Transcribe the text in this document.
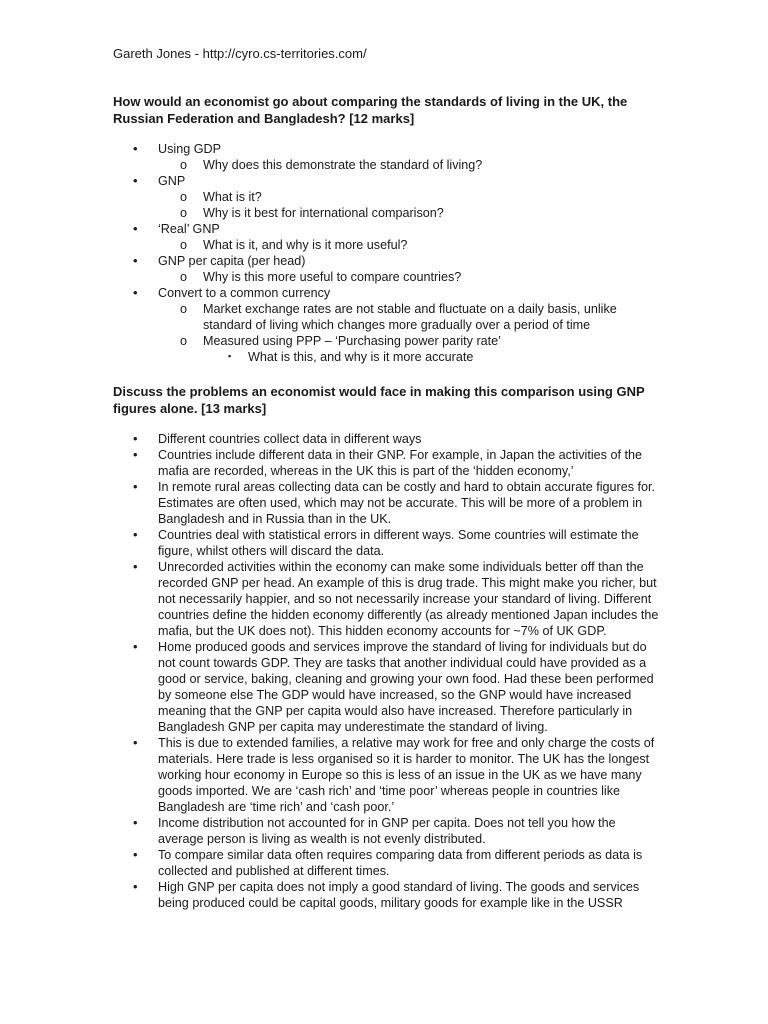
Gareth Jones - http://cyro.cs-territories.com/
How would an economist go about comparing the standards of living in the UK, the Russian Federation and Bangladesh? [12 marks]
• Using GDP
o Why does this demonstrate the standard of living?
• GNP
o What is it?
o Why is it best for international comparison?
• ‘Real’ GNP
o What is it, and why is it more useful?
• GNP per capita (per head)
o Why is this more useful to compare countries?
• Convert to a common currency
o Market exchange rates are not stable and fluctuate on a daily basis, unlike standard of living which changes more gradually over a period of time
o Measured using PPP – ‘Purchasing power parity rate’
▪ What is this, and why is it more accurate
Discuss the problems an economist would face in making this comparison using GNP figures alone. [13 marks]
• Different countries collect data in different ways
• Countries include different data in their GNP. For example, in Japan the activities of the mafia are recorded, whereas in the UK this is part of the ‘hidden economy,’
• In remote rural areas collecting data can be costly and hard to obtain accurate figures for. Estimates are often used, which may not be accurate. This will be more of a problem in Bangladesh and in Russia than in the UK.
• Countries deal with statistical errors in different ways. Some countries will estimate the figure, whilst others will discard the data.
• Unrecorded activities within the economy can make some individuals better off than the recorded GNP per head. An example of this is drug trade. This might make you richer, but not necessarily happier, and so not necessarily increase your standard of living. Different countries define the hidden economy differently (as already mentioned Japan includes the mafia, but the UK does not). This hidden economy accounts for ~7% of UK GDP.
• Home produced goods and services improve the standard of living for individuals but do not count towards GDP. They are tasks that another individual could have provided as a good or service, baking, cleaning and growing your own food. Had these been performed by someone else The GDP would have increased, so the GNP would have increased meaning that the GNP per capita would also have increased. Therefore particularly in Bangladesh GNP per capita may underestimate the standard of living.
• This is due to extended families, a relative may work for free and only charge the costs of materials. Here trade is less organised so it is harder to monitor. The UK has the longest working hour economy in Europe so this is less of an issue in the UK as we have many goods imported. We are ‘cash rich’ and ‘time poor’ whereas people in countries like Bangladesh are ‘time rich’ and ‘cash poor.’
• Income distribution not accounted for in GNP per capita. Does not tell you how the average person is living as wealth is not evenly distributed.
• To compare similar data often requires comparing data from different periods as data is collected and published at different times.
• High GNP per capita does not imply a good standard of living. The goods and services being produced could be capital goods, military goods for example like in the USSR
